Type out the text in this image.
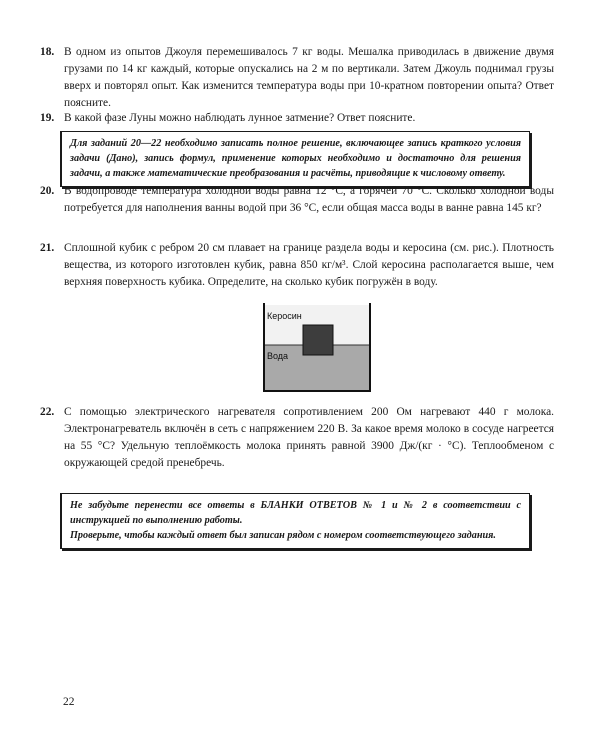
18. В одном из опытов Джоуля перемешивалось 7 кг воды. Мешалка приводилась в движение двумя грузами по 14 кг каждый, которые опускались на 2 м по вертикали. Затем Джоуль поднимал грузы вверх и повторял опыт. Как изменится температура воды при 10-кратном повторении опыта? Ответ поясните.

19. В какой фазе Луны можно наблюдать лунное затмение? Ответ поясните.

Для заданий 20—22 необходимо записать полное решение, включающее запись краткого условия задачи (Дано), запись формул, применение которых необходимо и достаточно для решения задачи, а также математические преобразования и расчёты, приводящие к числовому ответу.

20. В водопроводе температура холодной воды равна 12 °С, а горячей 70 °С. Сколько холодной воды потребуется для наполнения ванны водой при 36 °С, если общая масса воды в ванне равна 145 кг?

21. Сплошной кубик с ребром 20 см плавает на границе раздела воды и керосина (см. рис.). Плотность вещества, из которого изготовлен кубик, равна 850 кг/м³. Слой керосина располагается выше, чем верхняя поверхность кубика. Определите, на сколько кубик погружён в воду.

Керосин
Вода
22. С помощью электрического нагревателя сопротивлением 200 Ом нагревают 440 г молока. Электронагреватель включён в сеть с напряжением 220 В. За какое время молоко в сосуде нагреется на 55 °С? Удельную теплоёмкость молока принять равной 3900 Дж/(кг · °С). Теплообменом с окружающей средой пренебречь.

Не забудьте перенести все ответы в БЛАНКИ ОТВЕТОВ № 1 и № 2 в соответствии с инструкцией по выполнению работы.

Проверьте, чтобы каждый ответ был записан рядом с номером соответствующего задания.

22
